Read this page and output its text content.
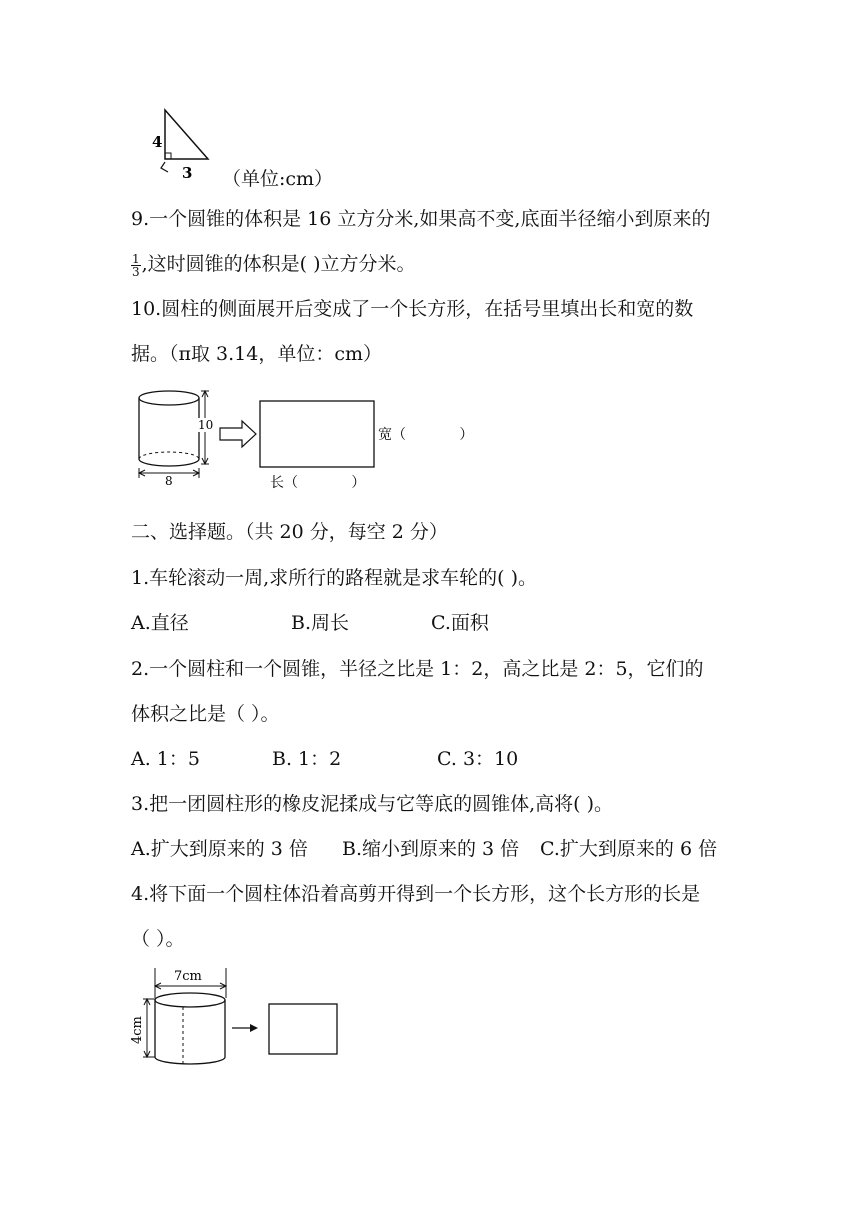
4
3 （单位:cm）
9.一个圆锥的体积是 16 立方分米,如果高不变,底面半径缩小到原来的
$\frac{1}{3}$ ,这时圆锥的体积是( )立方分米。
10.圆柱的侧面展开后变成了一个长方形，在括号里填出长和宽的数
据。（π取 3.14，单位：cm）
10
8
宽（            ）
长（            ）
二、选择题。（共 20 分，每空 2 分）
1.车轮滚动一周,求所行的路程就是求车轮的( )。
A.直径	B.周长	C.面积
2.一个圆柱和一个圆锥，半径之比是 1：2，高之比是 2：5，它们的
体积之比是（ ）。
A. 1：5	B. 1：2	C. 3：10
3.把一团圆柱形的橡皮泥揉成与它等底的圆锥体,高将( )。
A.扩大到原来的 3 倍 B.缩小到原来的 3 倍 C.扩大到原来的 6 倍
4.将下面一个圆柱体沿着高剪开得到一个长方形，这个长方形的长是
（ ）。
7cm
4cm
